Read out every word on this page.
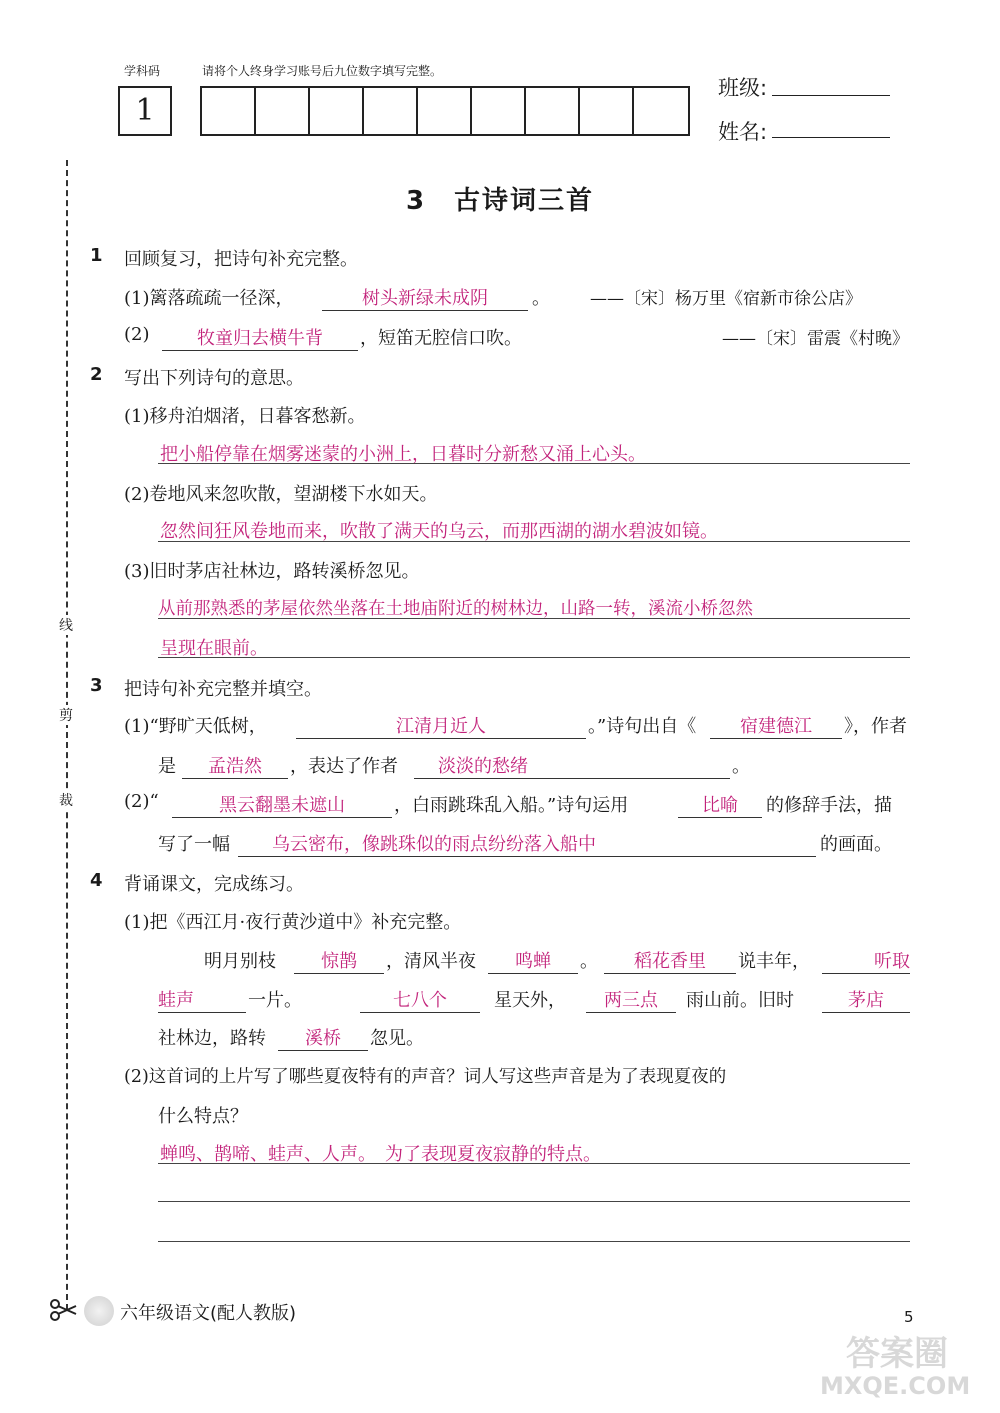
学科码	请将个人终身学习账号后九位数字填写完整。
1
班级:
姓名:
线
剪
裁
3　古诗词三首
1 回顾复习，把诗句补充完整。
(1)篱落疏疏一径深，	树头新绿未成阴	。 ——〔宋〕杨万里《宿新市徐公店》
(2)	牧童归去横牛背	，短笛无腔信口吹。	——〔宋〕雷震《村晚》
2 写出下列诗句的意思。
(1)移舟泊烟渚，日暮客愁新。
把小船停靠在烟雾迷蒙的小洲上，日暮时分新愁又涌上心头。
(2)卷地风来忽吹散，望湖楼下水如天。
忽然间狂风卷地而来，吹散了满天的乌云，而那西湖的湖水碧波如镜。
(3)旧时茅店社林边，路转溪桥忽见。
从前那熟悉的茅屋依然坐落在土地庙附近的树林边，山路一转，溪流小桥忽然
呈现在眼前。
3 把诗句补充完整并填空。
(1)“野旷天低树，	江清月近人	。”诗句出自《	宿建德江	》，作者
是	孟浩然	，表达了作者	淡淡的愁绪	。
(2)“	黑云翻墨未遮山	，白雨跳珠乱入船。”诗句运用	比喻	的修辞手法，描
写了一幅	乌云密布，像跳珠似的雨点纷纷落入船中	的画面。
4 背诵课文，完成练习。
(1)把《西江月·夜行黄沙道中》补充完整。
明月别枝	惊鹊	，清风半夜	鸣蝉	。	稻花香里	说丰年，	听取
蛙声	一片。	七八个	星天外，	两三点	雨山前。旧时	茅店
社林边，路转	溪桥	忽见。
(2)这首词的上片写了哪些夏夜特有的声音？词人写这些声音是为了表现夏夜的
什么特点？
蝉鸣、鹊啼、蛙声、人声。　为了表现夏夜寂静的特点。
六年级语文(配人教版)	5
答案圈
MXQE.COM
